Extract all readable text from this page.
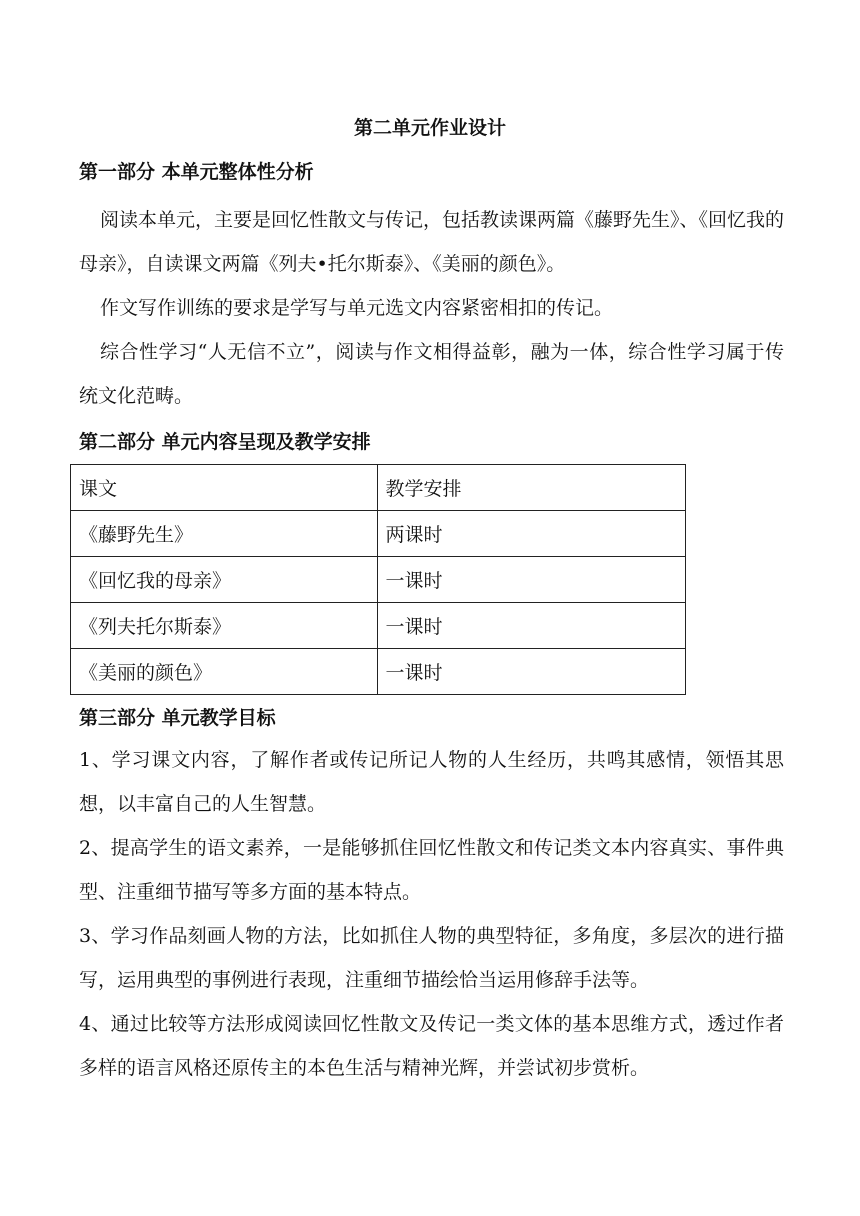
第二单元作业设计
第一部分 本单元整体性分析
阅读本单元，主要是回忆性散文与传记，包括教读课两篇《藤野先生》、《回忆我的母亲》，自读课文两篇《列夫•托尔斯泰》、《美丽的颜色》。
作文写作训练的要求是学写与单元选文内容紧密相扣的传记。
综合性学习“人无信不立”，阅读与作文相得益彰，融为一体，综合性学习属于传统文化范畴。
第二部分 单元内容呈现及教学安排
课文	教学安排
《藤野先生》	两课时
《回忆我的母亲》	一课时
《列夫托尔斯泰》	一课时
《美丽的颜色》	一课时
第三部分 单元教学目标
1、学习课文内容，了解作者或传记所记人物的人生经历，共鸣其感情，领悟其思想，以丰富自己的人生智慧。
2、提高学生的语文素养，一是能够抓住回忆性散文和传记类文本内容真实、事件典型、注重细节描写等多方面的基本特点。
3、学习作品刻画人物的方法，比如抓住人物的典型特征，多角度，多层次的进行描写，运用典型的事例进行表现，注重细节描绘恰当运用修辞手法等。
4、通过比较等方法形成阅读回忆性散文及传记一类文体的基本思维方式，透过作者多样的语言风格还原传主的本色生活与精神光辉，并尝试初步赏析。
